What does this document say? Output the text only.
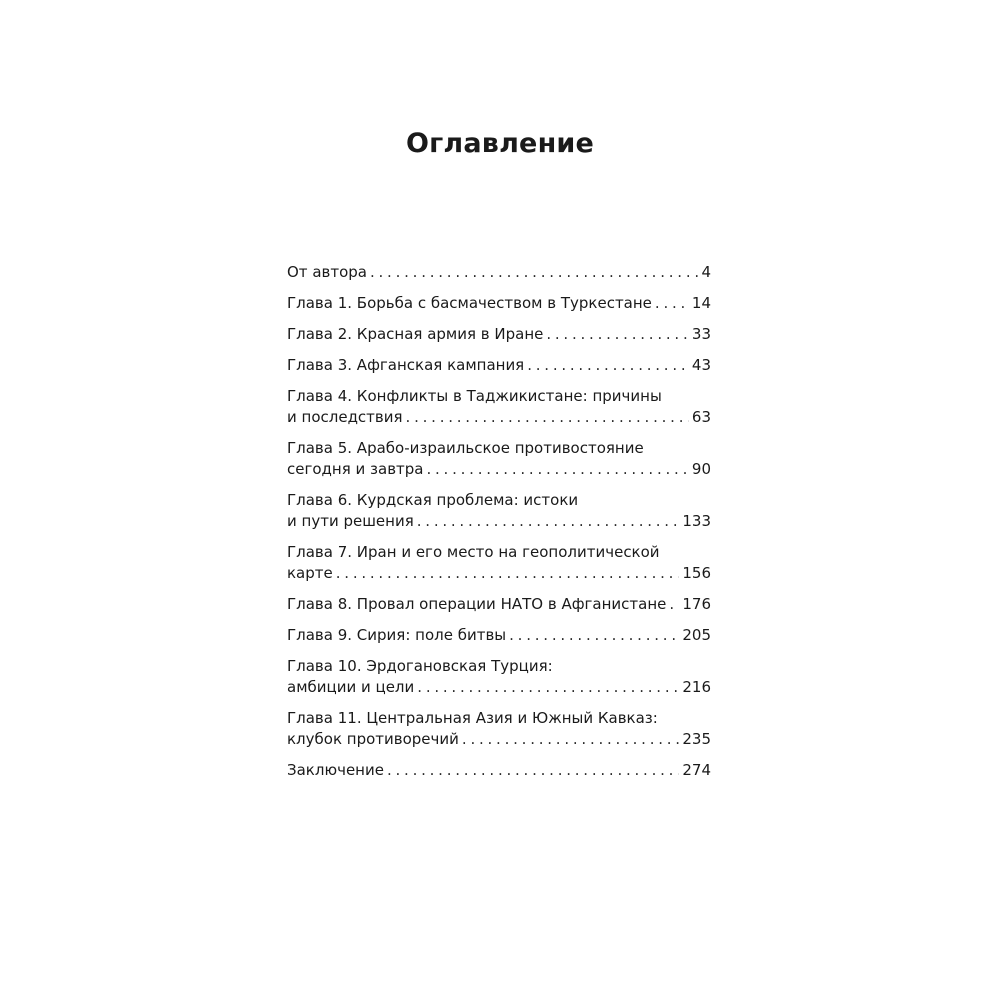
Оглавление
От автора . . .	4
Глава 1. Борьба с басмачеством в Туркестане . . .	14
Глава 2. Красная армия в Иране . . .	33
Глава 3. Афганская кампания . . .	43
Глава 4. Конфликты в Таджикистане: причины
и последствия . . .	63
Глава 5. Арабо-израильское противостояние
сегодня и завтра . . .	90
Глава 6. Курдская проблема: истоки
и пути решения . . .	133
Глава 7. Иран и его место на геополитической
карте . . .	156
Глава 8. Провал операции НАТО в Афганистане . . . 176
Глава 9. Сирия: поле битвы . . .	205
Глава 10. Эрдогановская Турция:
амбиции и цели . . .	216
Глава 11. Центральная Азия и Южный Кавказ:
клубок противоречий . . .	235
Заключение . . .	274
